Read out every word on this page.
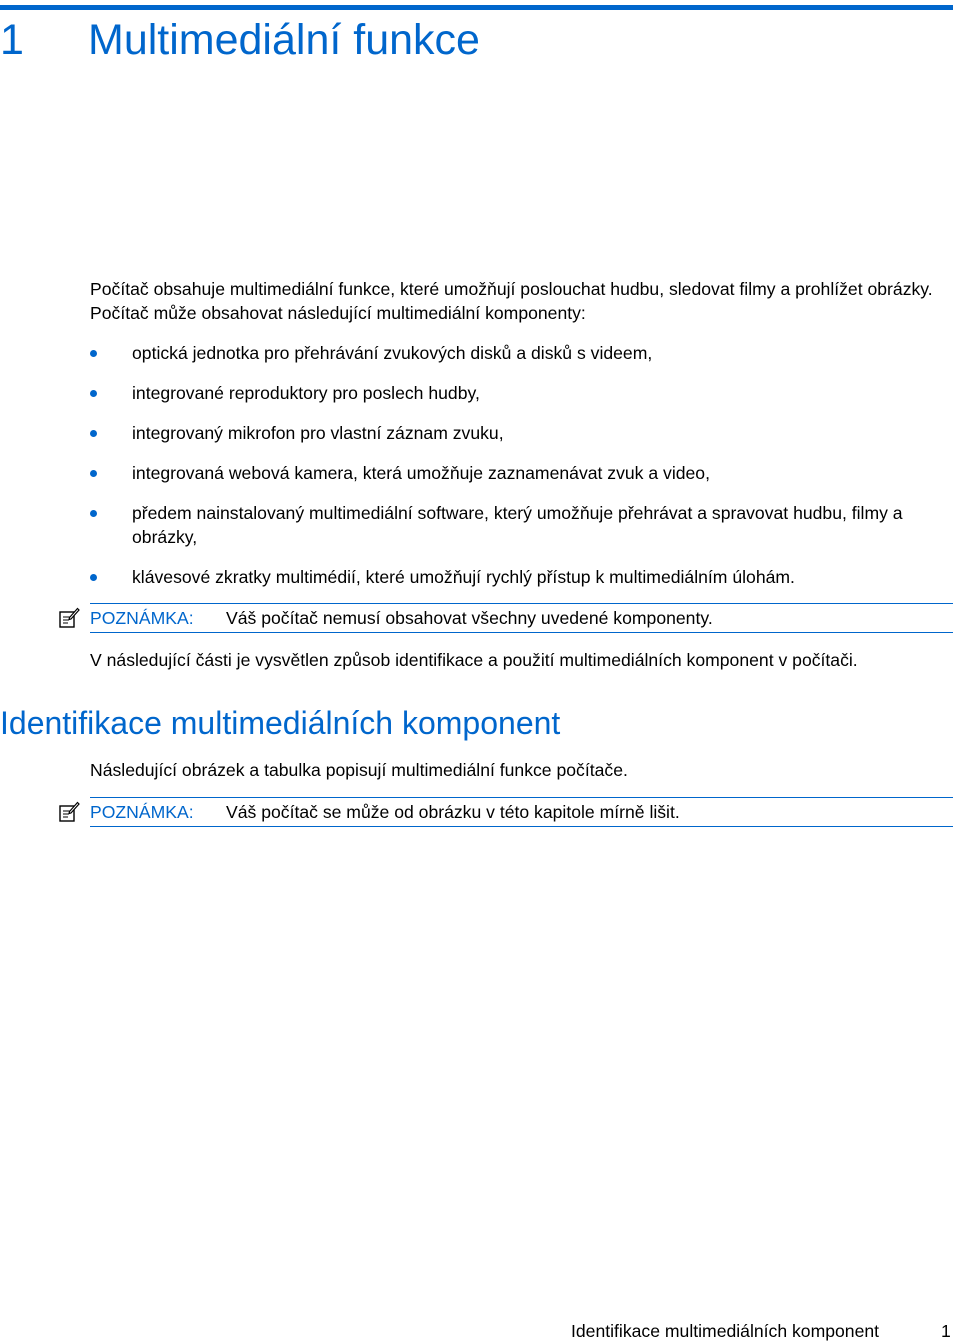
1 Multimediální funkce

Počítač obsahuje multimediální funkce, které umožňují poslouchat hudbu, sledovat filmy a prohlížet obrázky. Počítač může obsahovat následující multimediální komponenty:

optická jednotka pro přehrávání zvukových disků a disků s videem,
integrované reproduktory pro poslech hudby,
integrovaný mikrofon pro vlastní záznam zvuku,
integrovaná webová kamera, která umožňuje zaznamenávat zvuk a video,
předem nainstalovaný multimediální software, který umožňuje přehrávat a spravovat hudbu, filmy a obrázky,
klávesové zkratky multimédií, které umožňují rychlý přístup k multimediálním úlohám.
POZNÁMKA: Váš počítač nemusí obsahovat všechny uvedené komponenty.

V následující části je vysvětlen způsob identifikace a použití multimediálních komponent v počítači.

Identifikace multimediálních komponent

Následující obrázek a tabulka popisují multimediální funkce počítače.

POZNÁMKA: Váš počítač se může od obrázku v této kapitole mírně lišit.
Identifikace multimediálních komponent	1
